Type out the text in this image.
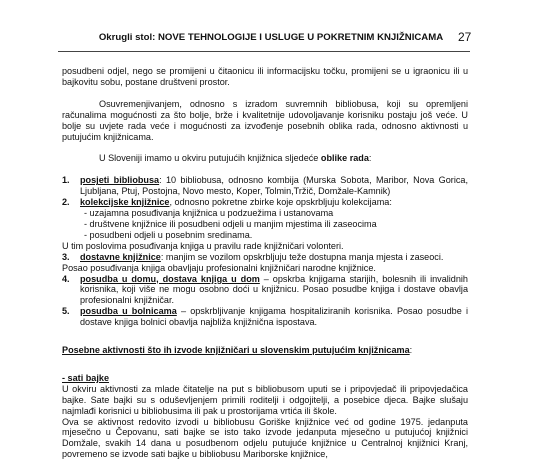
Okrugli stol: NOVE TEHNOLOGIJE I USLUGE U POKRETNIM KNJIŽNICAMA	27

posudbeni odjel, nego se promijeni u čitaonicu ili informacijsku točku, promijeni se u igraonicu ili u bajkovitu sobu, postane društveni prostor.

Osuvremenjivanjem, odnosno s izradom suvremnih bibliobusa, koji su opremljeni računalima mogućnosti za što bolje, brže i kvalitetnije udovoljavanje korisniku postaju još veće. U bolje su uvjete rada veće i mogućnosti za izvođenje posebnih oblika rada, odnosno aktivnosti u putujućim knjižnicama.

U Sloveniji imamo u okviru putujućih knjižnica sljedeće oblike rada:

1.	posjeti bibliobusa: 10 bibliobusa, odnosno kombija (Murska Sobota, Maribor, Nova Gorica, Ljubljana, Ptuj, Postojna, Novo mesto, Koper, Tolmin,Tržič, Domžale-Kamnik)
2.	kolekcijske knjižnice, odnosno pokretne zbirke koje opskrbljuju kolekcijama:

- uzajamna posuđivanja knjižnica u podzuežima i ustanovama

- društvene knjižnice ili posudbeni odjeli u manjim mjestima ili zaseocima

- posudbeni odjeli u posebnim sredinama.

U tim poslovima posuđivanja knjiga u pravilu rade knjižničari volonteri.

3.	dostavne knjižnice: manjim se vozilom opskrbljuju teže dostupna manja mjesta i zaseoci.

Posao posuđivanja knjiga obavljaju profesionalni knjižničari narodne knjižnice.

4.	posudba u domu, dostava knjiga u dom – opskrba knjigama starijih, bolesnih ili invalidnih korisnika, koji više ne mogu osobno doći u knjižnicu. Posao posudbe knjiga i dostave obavlja profesionalni knjižničar.
5.	posudba u bolnicama – opskrbljivanje knjigama hospitaliziranih korisnika. Posao posudbe i dostave knjiga bolnici obavlja najbliža knjižnična ispostava.

Posebne aktivnosti što ih izvode knjižničari u slovenskim putujućim knjižnicama:

- sati bajke

U okviru aktivnosti za mlade čitatelje na put s bibliobusom uputi se i pripovjedač ili pripovjedačica bajke. Sate bajki su s oduševljenjem primili roditelji i odgojitelji, a posebice djeca. Bajke slušaju najmlađi korisnici u bibliobusima ili pak u prostorijama vrtića ili škole.

Ova se aktivnost redovito izvodi u bibliobusu Goriške knjižnice već od godine 1975. jedanputa mjesečno u Čepovanu, sati bajke se isto tako izvode jedanputa mjesečno u putujućoj knjižnici Domžale, svakih 14 dana u posudbenom odjelu putujuće knjižnice u Centralnoj knjižnici Kranj, povremeno se izvode sati bajke u bibliobusu Mariborske knjižnice,
